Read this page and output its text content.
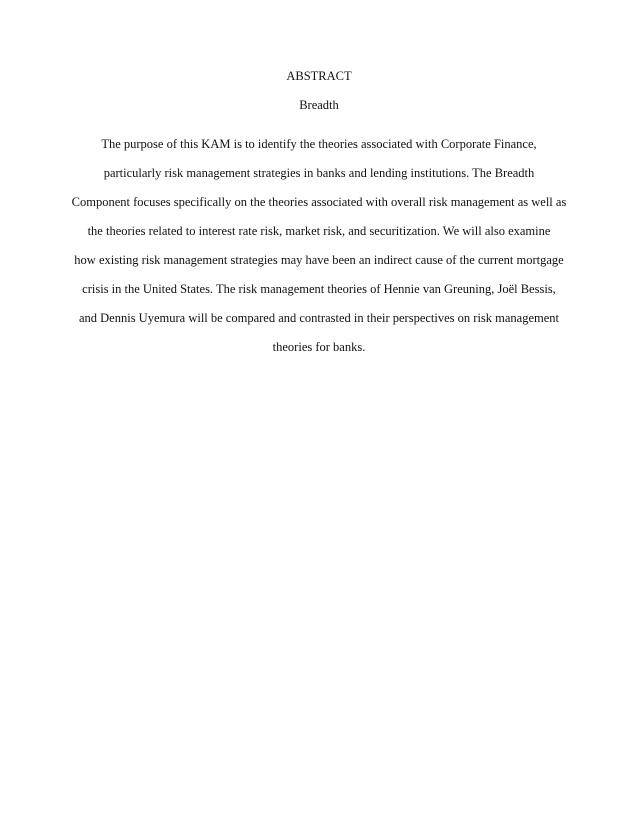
ABSTRACT
Breadth
The purpose of this KAM is to identify the theories associated with Corporate Finance,
particularly risk management strategies in banks and lending institutions. The Breadth
Component focuses specifically on the theories associated with overall risk management as well as
the theories related to interest rate risk, market risk, and securitization. We will also examine
how existing risk management strategies may have been an indirect cause of the current mortgage
crisis in the United States. The risk management theories of Hennie van Greuning, Joël Bessis,
and Dennis Uyemura will be compared and contrasted in their perspectives on risk management
theories for banks.
